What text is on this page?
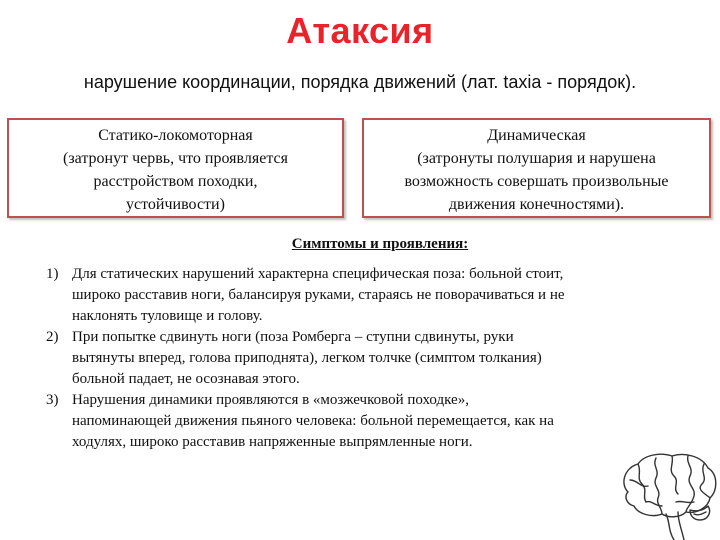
Атаксия
нарушение координации, порядка движений (лат. taxia - порядок).
Статико-локомоторная
(затронут червь, что проявляется
расстройством походки,
устойчивости)
Динамическая
(затронуты полушария и нарушена
возможность совершать произвольные
движения конечностями).
Симптомы и проявления:
1) Для статических нарушений характерна специфическая поза: больной стоит,
широко расставив ноги, балансируя руками, стараясь не поворачиваться и не
наклонять туловище и голову.
2) При попытке сдвинуть ноги (поза Ромберга – ступни сдвинуты, руки
вытянуты вперед, голова приподнята), легком толчке (симптом толкания)
больной падает, не осознавая этого.
3) Нарушения динамики проявляются в «мозжечковой походке»,
напоминающей движения пьяного человека: больной перемещается, как на
ходулях, широко расставив напряженные выпрямленные ноги.
